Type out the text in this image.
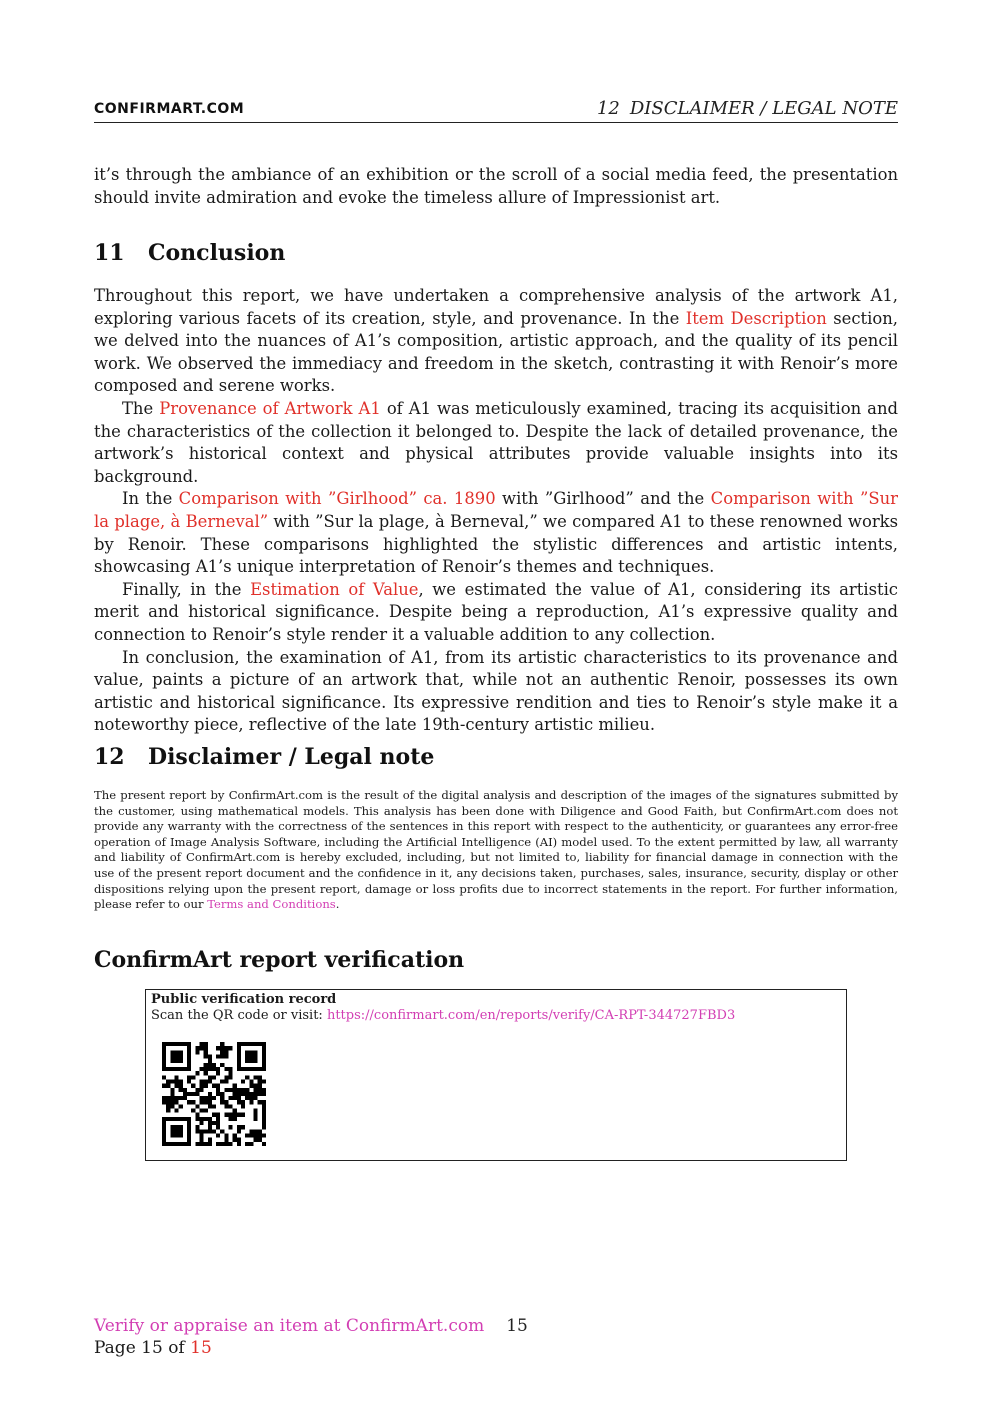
CONFIRMART.COM	12 DISCLAIMER / LEGAL NOTE

it’s through the ambiance of an exhibition or the scroll of a social media feed, the presentation should invite admiration and evoke the timeless allure of Impressionist art.

11 Conclusion

Throughout this report, we have undertaken a comprehensive analysis of the artwork A1, exploring various facets of its creation, style, and provenance. In the Item Description section, we delved into the nuances of A1’s composition, artistic approach, and the quality of its pencil work. We observed the immediacy and freedom in the sketch, contrasting it with Renoir’s more composed and serene works.

The Provenance of Artwork A1 of A1 was meticulously examined, tracing its acquisition and the characteristics of the collection it belonged to. Despite the lack of detailed provenance, the artwork’s historical context and physical attributes provide valuable insights into its background.

In the Comparison with ”Girlhood” ca. 1890 with ”Girlhood” and the Comparison with ”Sur la plage, à Berneval” with ”Sur la plage, à Berneval,” we compared A1 to these renowned works by Renoir. These comparisons highlighted the stylistic differences and artistic intents, showcasing A1’s unique interpretation of Renoir’s themes and techniques.

Finally, in the Estimation of Value, we estimated the value of A1, considering its artistic merit and historical significance. Despite being a reproduction, A1’s expressive quality and connection to Renoir’s style render it a valuable addition to any collection.

In conclusion, the examination of A1, from its artistic characteristics to its provenance and value, paints a picture of an artwork that, while not an authentic Renoir, possesses its own artistic and historical significance. Its expressive rendition and ties to Renoir’s style make it a noteworthy piece, reflective of the late 19th-century artistic milieu.

12 Disclaimer / Legal note
The present report by ConfirmArt.com is the result of the digital analysis and description of the images of the signatures submitted by the customer, using mathematical models. This analysis has been done with Diligence and Good Faith, but ConfirmArt.com does not provide any warranty with the correctness of the sentences in this report with respect to the authenticity, or guarantees any error-free operation of Image Analysis Software, including the Artificial Intelligence (AI) model used. To the extent permitted by law, all warranty and liability of ConfirmArt.com is hereby excluded, including, but not limited to, liability for financial damage in connection with the use of the present report document and the confidence in it, any decisions taken, purchases, sales, insurance, security, display or other dispositions relying upon the present report, damage or loss profits due to incorrect statements in the report. For further information, please refer to our Terms and Conditions.
ConfirmArt report verification
Public verification record
Scan the QR code or visit: https://confirmart.com/en/reports/verify/CA-RPT-344727FBD3
Verify or appraise an item at ConfirmArt.com 15
Page 15 of 15
